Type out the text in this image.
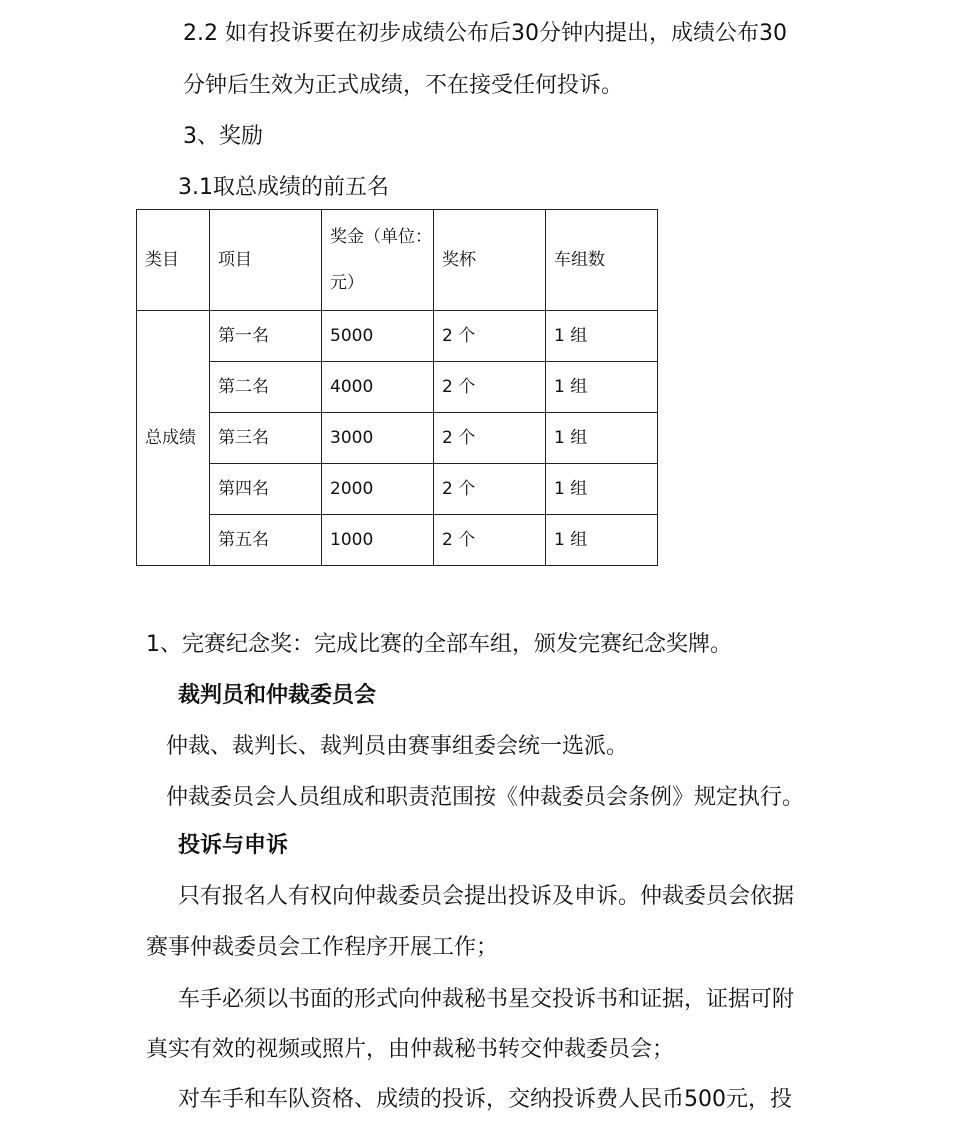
2.2 如有投诉要在初步成绩公布后30分钟内提出，成绩公布30
分钟后生效为正式成绩，不在接受任何投诉。
3、奖励
3.1取总成绩的前五名
类目	项目	奖金（单位：元）	奖杯	车组数
总成绩	第一名	5000	2 个	1 组
	第二名	4000	2 个	1 组
	第三名	3000	2 个	1 组
	第四名	2000	2 个	1 组
	第五名	1000	2 个	1 组
1、完赛纪念奖：完成比赛的全部车组，颁发完赛纪念奖牌。
裁判员和仲裁委员会
仲裁、裁判长、裁判员由赛事组委会统一选派。
仲裁委员会人员组成和职责范围按《仲裁委员会条例》规定执行。
投诉与申诉
只有报名人有权向仲裁委员会提出投诉及申诉。仲裁委员会依据
赛事仲裁委员会工作程序开展工作；
车手必须以书面的形式向仲裁秘书星交投诉书和证据，证据可附
真实有效的视频或照片，由仲裁秘书转交仲裁委员会；
对车手和车队资格、成绩的投诉，交纳投诉费人民币500元，投
